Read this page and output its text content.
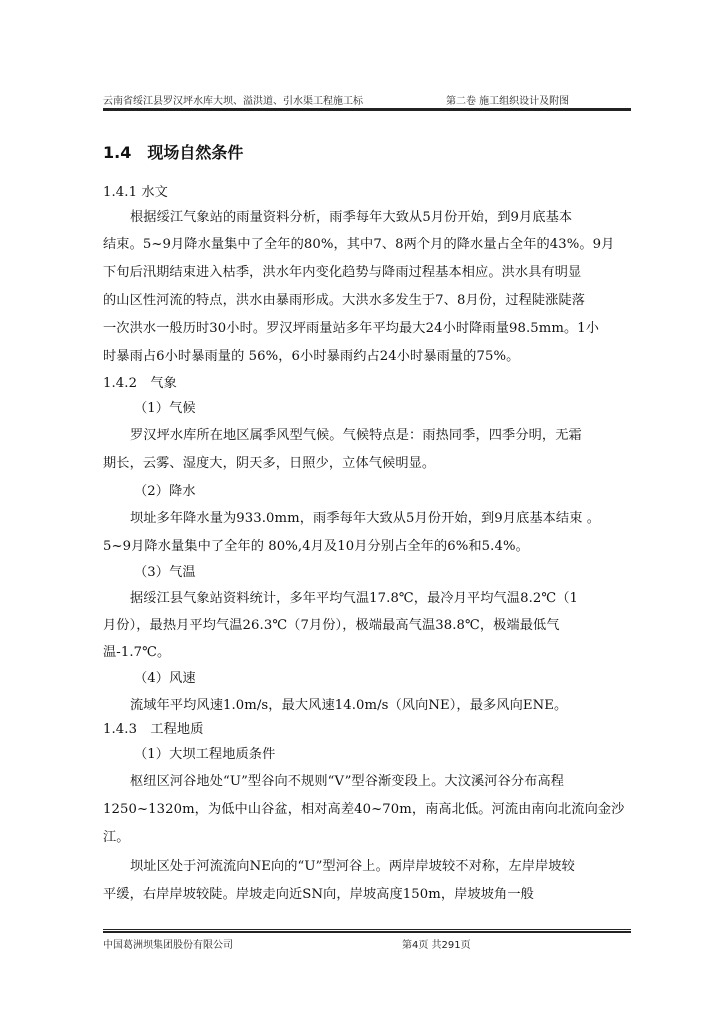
云南省绥江县罗汉坪水库大坝、溢洪道、引水渠工程施工标	第二卷 施工组织设计及附图
1.4　现场自然条件
1.4.1 水文
根据绥江气象站的雨量资料分析，雨季每年大致从5月份开始，到9月底基本
结束。5~9月降水量集中了全年的80%，其中7、8两个月的降水量占全年的43%。9月
下旬后汛期结束进入枯季，洪水年内变化趋势与降雨过程基本相应。洪水具有明显
的山区性河流的特点，洪水由暴雨形成。大洪水多发生于7、8月份，过程陡涨陡落
一次洪水一般历时30小时。罗汉坪雨量站多年平均最大24小时降雨量98.5mm。1小
时暴雨占6小时暴雨量的 56%，6小时暴雨约占24小时暴雨量的75%。
1.4.2　气象
（1）气候
罗汉坪水库所在地区属季风型气候。气候特点是：雨热同季，四季分明，无霜
期长，云雾、湿度大，阴天多，日照少，立体气候明显。
（2）降水
坝址多年降水量为933.0mm，雨季每年大致从5月份开始，到9月底基本结束 。
5~9月降水量集中了全年的 80%,4月及10月分别占全年的6%和5.4%。
（3）气温
据绥江县气象站资料统计，多年平均气温17.8℃，最冷月平均气温8.2℃（1
月份），最热月平均气温26.3℃（7月份），极端最高气温38.8℃，极端最低气
温-1.7℃。
（4）风速
流域年平均风速1.0m/s，最大风速14.0m/s（风向NE），最多风向ENE。
1.4.3　工程地质
（1）大坝工程地质条件
枢纽区河谷地处“U”型谷向不规则“V”型谷渐变段上。大汶溪河谷分布高程
1250~1320m，为低中山谷盆，相对高差40~70m，南高北低。河流由南向北流向金沙
江。
坝址区处于河流流向NE向的“U”型河谷上。两岸岸坡较不对称，左岸岸坡较
平缓，右岸岸坡较陡。岸坡走向近SN向，岸坡高度150m，岸坡坡角一般
中国葛洲坝集团股份有限公司	第4页 共291页
